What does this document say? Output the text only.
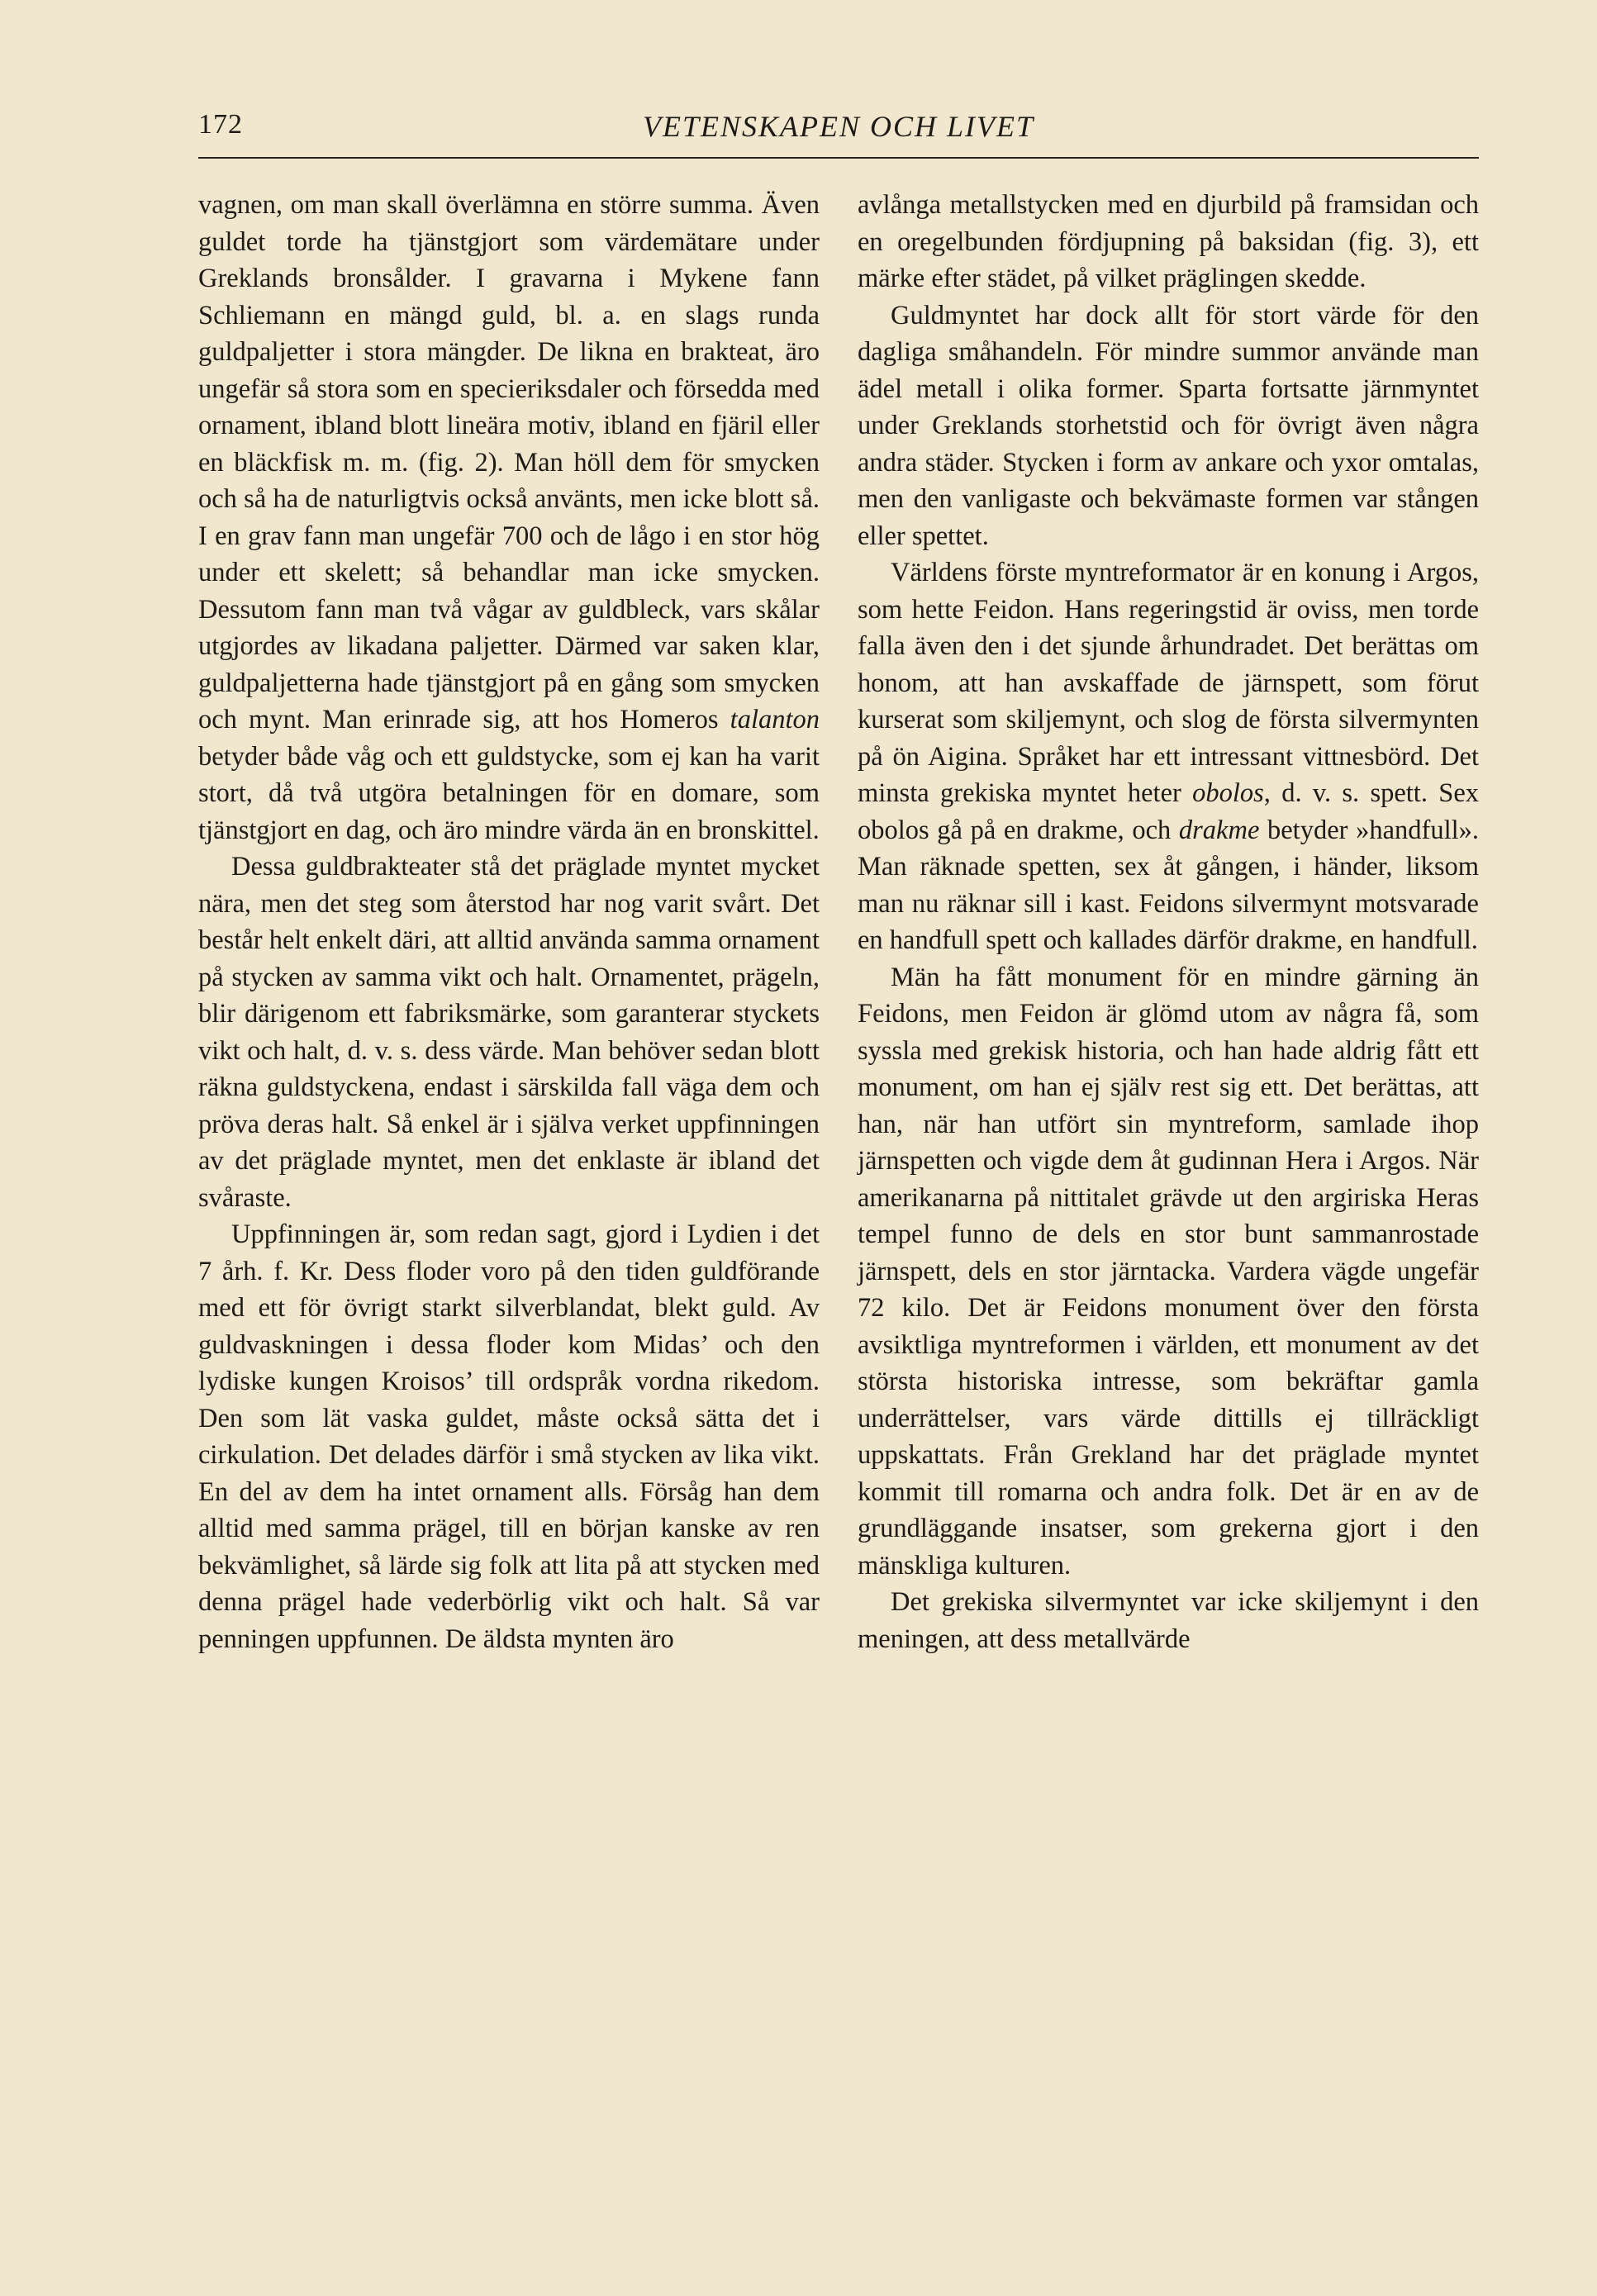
172	VETENSKAPEN OCH LIVET

vagnen, om man skall överlämna en större summa. Även guldet torde ha tjänstgjort som värdemätare under Greklands bronsålder. I gravarna i Mykene fann Schliemann en mängd guld, bl. a. en slags runda guldpaljetter i stora mängder. De likna en brakteat, äro ungefär så stora som en specieriksdaler och försedda med ornament, ibland blott lineära motiv, ibland en fjäril eller en bläckfisk m. m. (fig. 2). Man höll dem för smycken och så ha de naturligtvis också använts, men icke blott så. I en grav fann man ungefär 700 och de lågo i en stor hög under ett skelett; så behandlar man icke smycken. Dessutom fann man två vågar av guldbleck, vars skålar utgjordes av likadana paljetter. Därmed var saken klar, guldpaljetterna hade tjänstgjort på en gång som smycken och mynt. Man erinrade sig, att hos Homeros talanton betyder både våg och ett guldstycke, som ej kan ha varit stort, då två utgöra betalningen för en domare, som tjänstgjort en dag, och äro mindre värda än en bronskittel.

Dessa guldbrakteater stå det präglade myntet mycket nära, men det steg som återstod har nog varit svårt. Det består helt enkelt däri, att alltid använda samma ornament på stycken av samma vikt och halt. Ornamentet, prägeln, blir därigenom ett fabriksmärke, som garanterar styckets vikt och halt, d. v. s. dess värde. Man behöver sedan blott räkna guldstyckena, endast i särskilda fall väga dem och pröva deras halt. Så enkel är i själva verket uppfinningen av det präglade myntet, men det enklaste är ibland det svåraste.

Uppfinningen är, som redan sagt, gjord i Lydien i det 7 årh. f. Kr. Dess floder voro på den tiden guldförande med ett för övrigt starkt silverblandat, blekt guld. Av guldvaskningen i dessa floder kom Midas’ och den lydiske kungen Kroisos’ till ordspråk vordna rikedom. Den som lät vaska guldet, måste också sätta det i cirkulation. Det delades därför i små stycken av lika vikt. En del av dem ha intet ornament alls. Försåg han dem alltid med samma prägel, till en början kanske av ren bekvämlighet, så lärde sig folk att lita på att stycken med denna prägel hade vederbörlig vikt och halt. Så var penningen uppfunnen. De äldsta mynten äro

avlånga metallstycken med en djurbild på framsidan och en oregelbunden fördjupning på baksidan (fig. 3), ett märke efter städet, på vilket präglingen skedde.

Guldmyntet har dock allt för stort värde för den dagliga småhandeln. För mindre summor använde man ädel metall i olika former. Sparta fortsatte järnmyntet under Greklands storhetstid och för övrigt även några andra städer. Stycken i form av ankare och yxor omtalas, men den vanligaste och bekvämaste formen var stången eller spettet.

Världens förste myntreformator är en konung i Argos, som hette Feidon. Hans regeringstid är oviss, men torde falla även den i det sjunde århundradet. Det berättas om honom, att han avskaffade de järnspett, som förut kurserat som skiljemynt, och slog de första silvermynten på ön Aigina. Språket har ett intressant vittnesbörd. Det minsta grekiska myntet heter obolos, d. v. s. spett. Sex obolos gå på en drakme, och drakme betyder »handfull». Man räknade spetten, sex åt gången, i händer, liksom man nu räknar sill i kast. Feidons silvermynt motsvarade en handfull spett och kallades därför drakme, en handfull.

Män ha fått monument för en mindre gärning än Feidons, men Feidon är glömd utom av några få, som syssla med grekisk historia, och han hade aldrig fått ett monument, om han ej själv rest sig ett. Det berättas, att han, när han utfört sin myntreform, samlade ihop järnspetten och vigde dem åt gudinnan Hera i Argos. När amerikanarna på nittitalet grävde ut den argiriska Heras tempel funno de dels en stor bunt sammanrostade järnspett, dels en stor järntacka. Vardera vägde ungefär 72 kilo. Det är Feidons monument över den första avsiktliga myntreformen i världen, ett monument av det största historiska intresse, som bekräftar gamla underrättelser, vars värde dittills ej tillräckligt uppskattats. Från Grekland har det präglade myntet kommit till romarna och andra folk. Det är en av de grundläggande insatser, som grekerna gjort i den mänskliga kulturen.

Det grekiska silvermyntet var icke skiljemynt i den meningen, att dess metallvärde
